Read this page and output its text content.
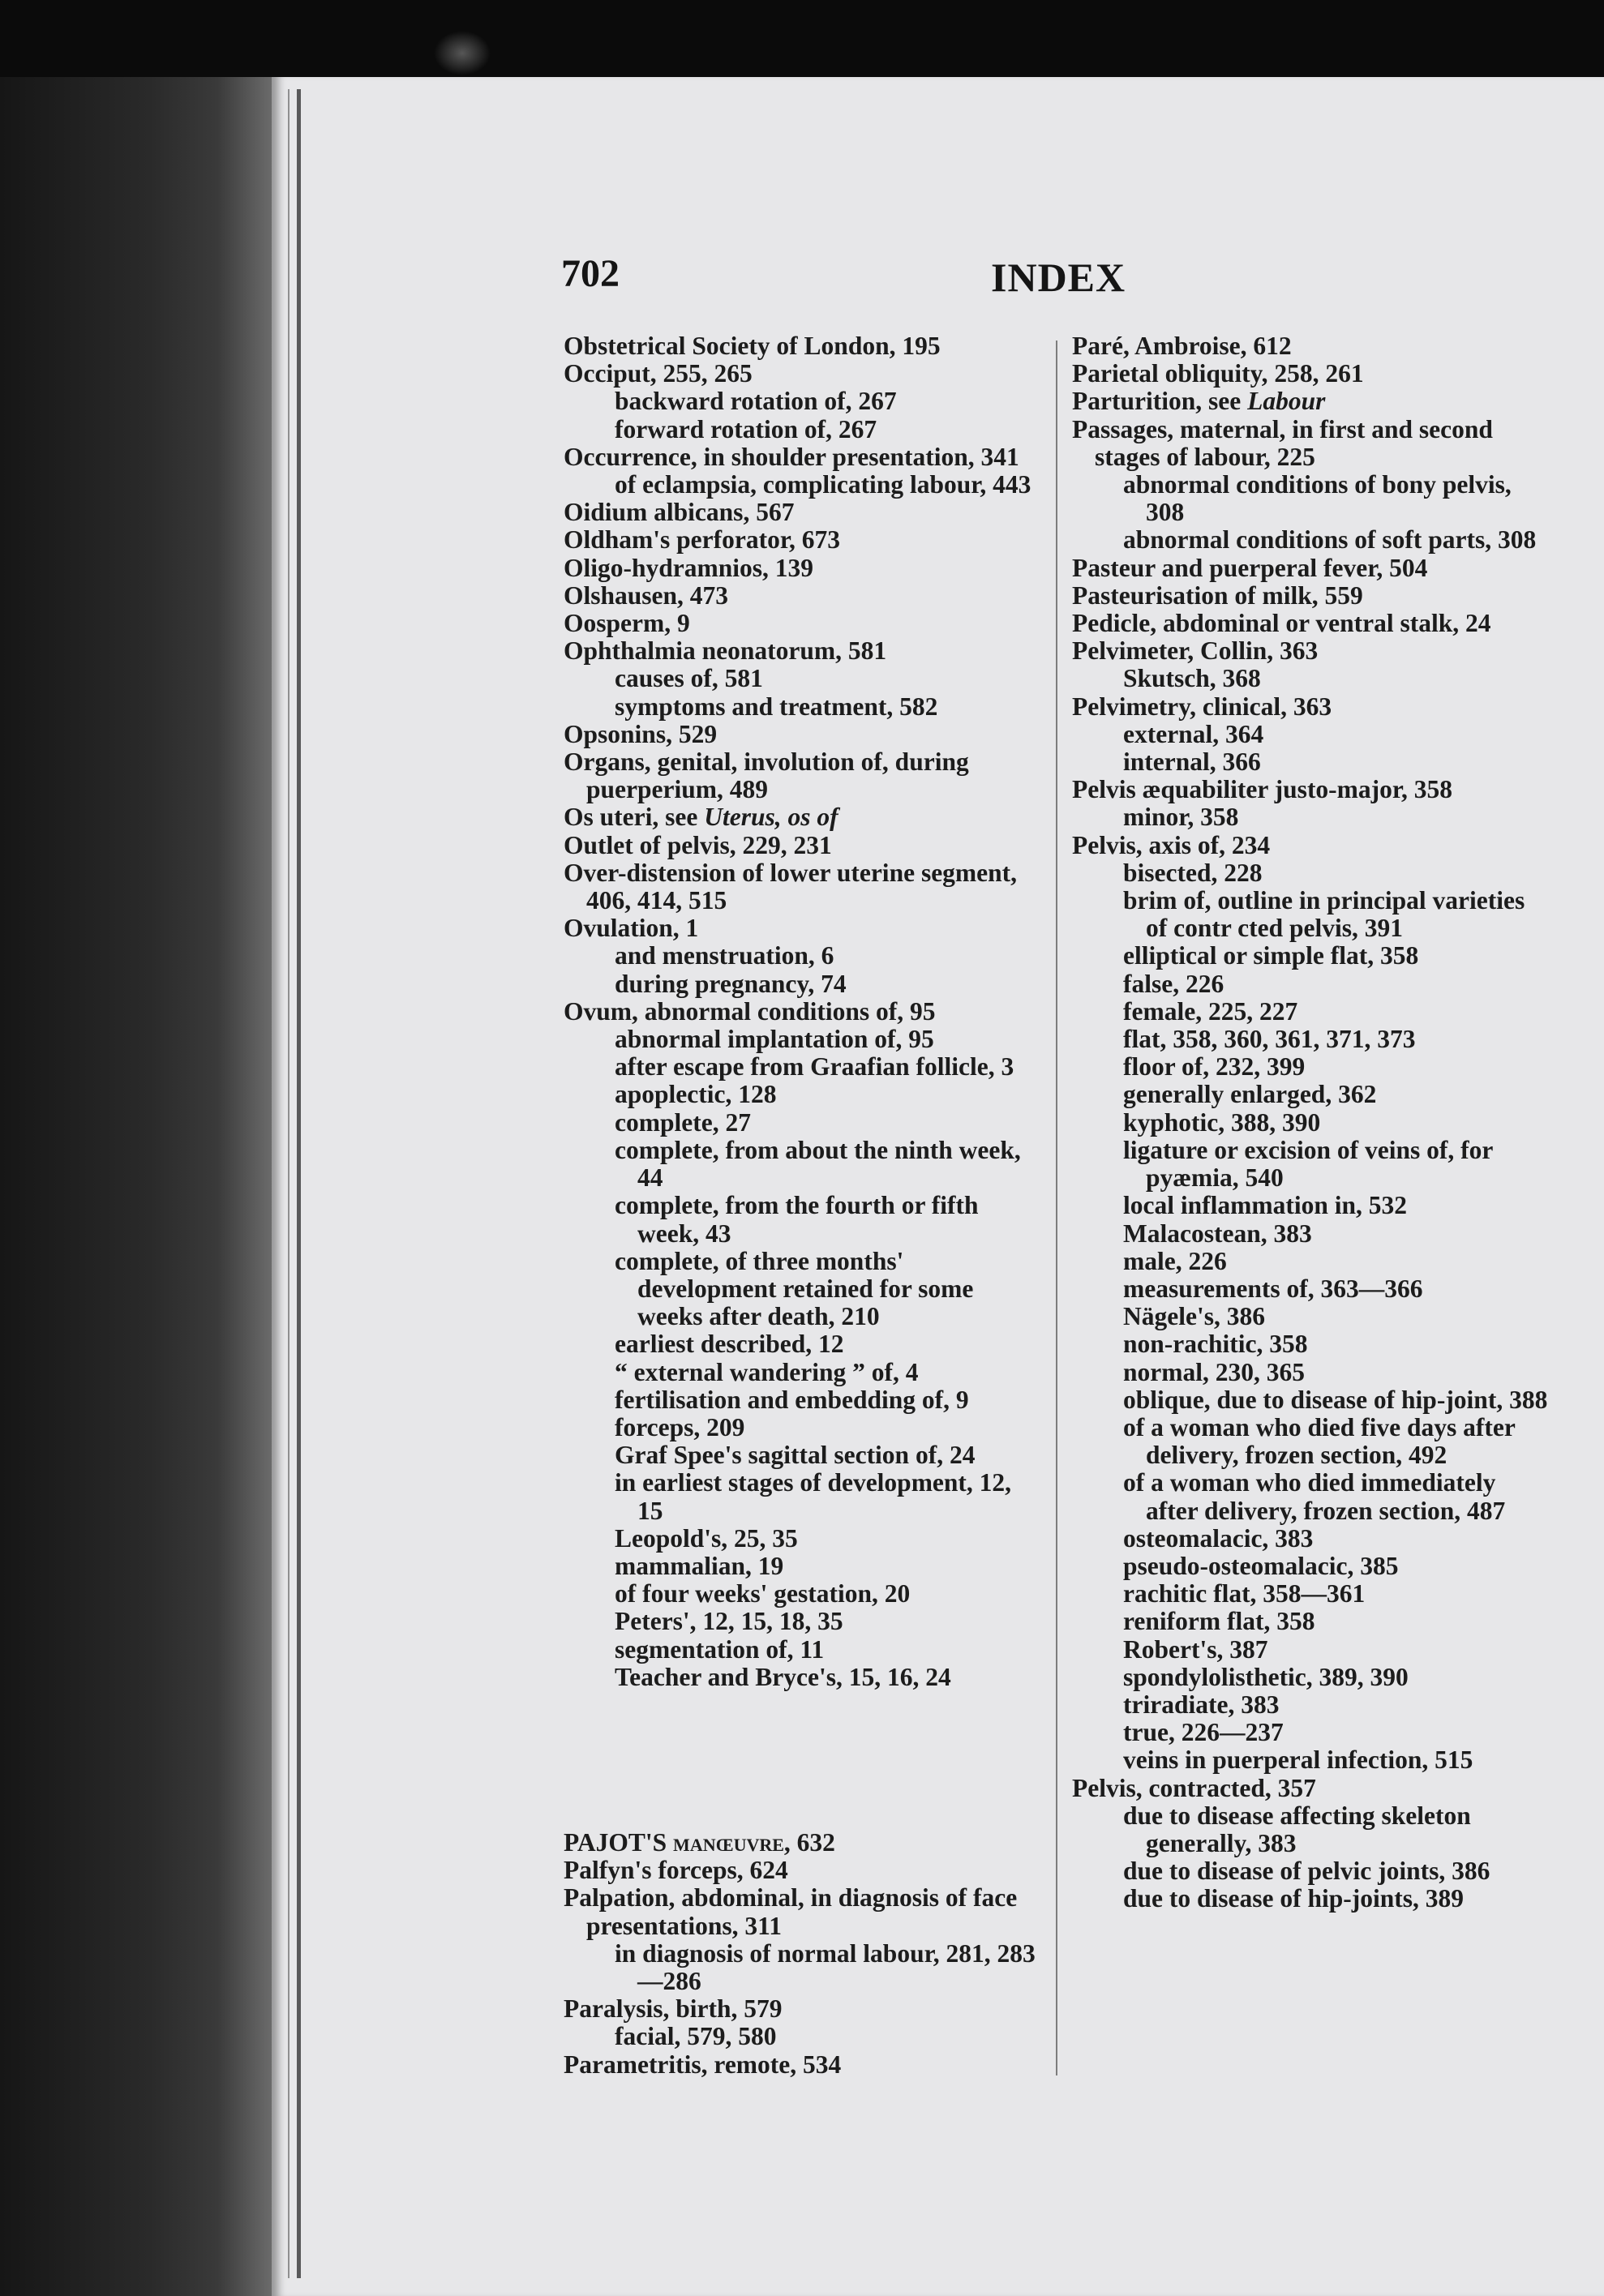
702	INDEX
Obstetrical Society of London, 195
Occiput, 255, 265
backward rotation of, 267
forward rotation of, 267
Occurrence, in shoulder presentation, 341
of eclampsia, complicating labour, 443
Oidium albicans, 567
Oldham's perforator, 673
Oligo-hydramnios, 139
Olshausen, 473
Oosperm, 9
Ophthalmia neonatorum, 581
causes of, 581
symptoms and treatment, 582
Opsonins, 529
Organs, genital, involution of, during puerperium, 489
Os uteri, see Uterus, os of
Outlet of pelvis, 229, 231
Over-distension of lower uterine segment, 406, 414, 515
Ovulation, 1
and menstruation, 6
during pregnancy, 74
Ovum, abnormal conditions of, 95
abnormal implantation of, 95
after escape from Graafian follicle, 3
apoplectic, 128
complete, 27
complete, from about the ninth week, 44
complete, from the fourth or fifth week, 43
complete, of three months' development retained for some weeks after death, 210
earliest described, 12
“ external wandering ” of, 4
fertilisation and embedding of, 9
forceps, 209
Graf Spee's sagittal section of, 24
in earliest stages of development, 12, 15
Leopold's, 25, 35
mammalian, 19
of four weeks' gestation, 20
Peters', 12, 15, 18, 35
segmentation of, 11
Teacher and Bryce's, 15, 16, 24
PAJOT'S manœuvre, 632
Palfyn's forceps, 624
Palpation, abdominal, in diagnosis of face presentations, 311
in diagnosis of normal labour, 281, 283—286
Paralysis, birth, 579
facial, 579, 580
Parametritis, remote, 534
Paré, Ambroise, 612
Parietal obliquity, 258, 261
Parturition, see Labour
Passages, maternal, in first and second stages of labour, 225
abnormal conditions of bony pelvis, 308
abnormal conditions of soft parts, 308
Pasteur and puerperal fever, 504
Pasteurisation of milk, 559
Pedicle, abdominal or ventral stalk, 24
Pelvimeter, Collin, 363
Skutsch, 368
Pelvimetry, clinical, 363
external, 364
internal, 366
Pelvis æquabiliter justo-major, 358
minor, 358
Pelvis, axis of, 234
bisected, 228
brim of, outline in principal varieties of contr cted pelvis, 391
elliptical or simple flat, 358
false, 226
female, 225, 227
flat, 358, 360, 361, 371, 373
floor of, 232, 399
generally enlarged, 362
kyphotic, 388, 390
ligature or excision of veins of, for pyæmia, 540
local inflammation in, 532
Malacostean, 383
male, 226
measurements of, 363—366
Nägele's, 386
non-rachitic, 358
normal, 230, 365
oblique, due to disease of hip-joint, 388
of a woman who died five days after delivery, frozen section, 492
of a woman who died immediately after delivery, frozen section, 487
osteomalacic, 383
pseudo-osteomalacic, 385
rachitic flat, 358—361
reniform flat, 358
Robert's, 387
spondylolisthetic, 389, 390
triradiate, 383
true, 226—237
veins in puerperal infection, 515
Pelvis, contracted, 357
due to disease affecting skeleton generally, 383
due to disease of pelvic joints, 386
due to disease of hip-joints, 389
